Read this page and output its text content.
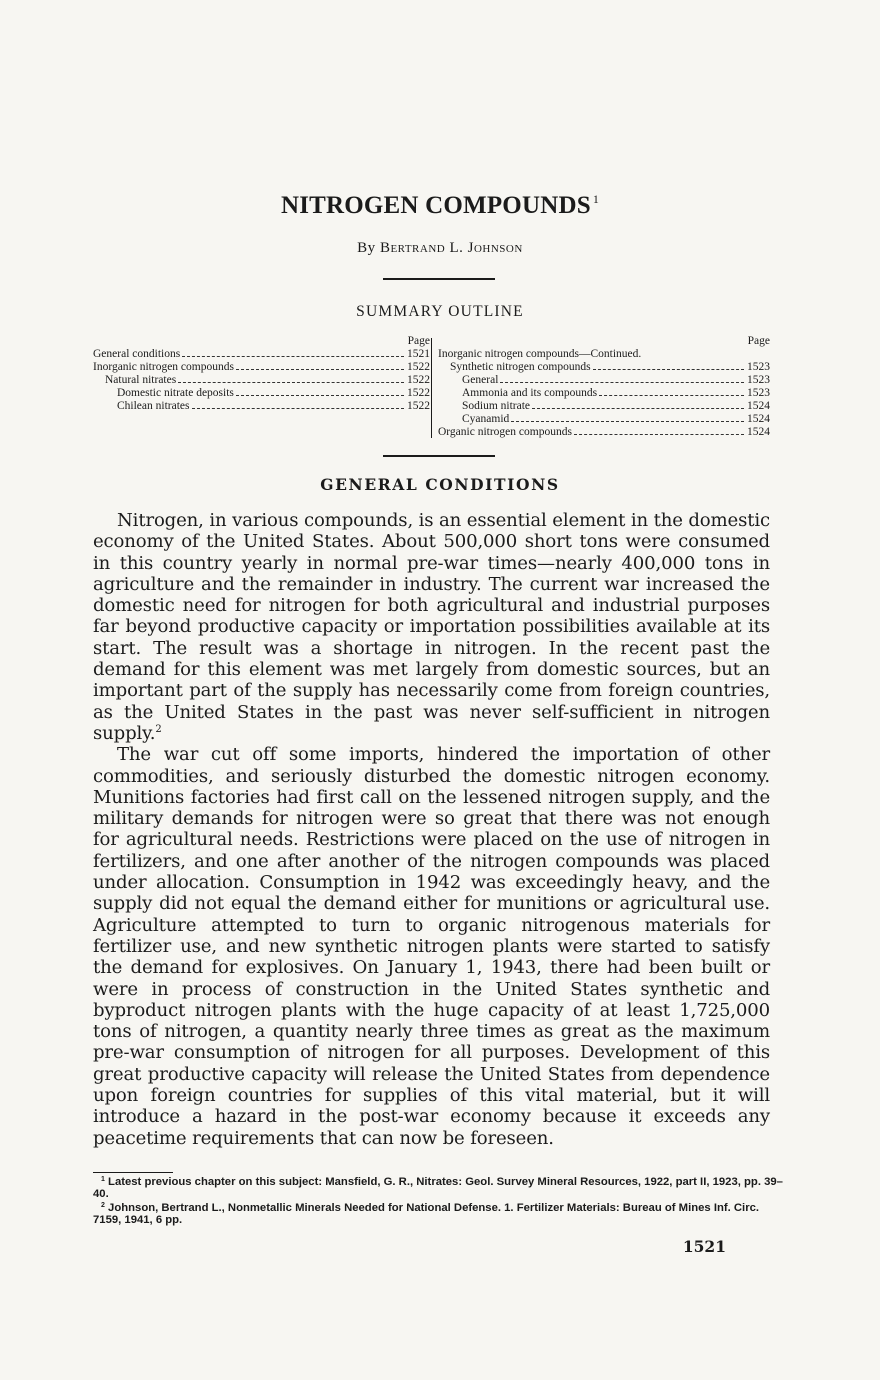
NITROGEN COMPOUNDS $^1$
By Bertrand L. Johnson
SUMMARY OUTLINE
Page
General conditions	1521
Inorganic nitrogen compounds	1522
Natural nitrates	1522
Domestic nitrate deposits	1522
Chilean nitrates	1522
Page
Inorganic nitrogen compounds—Continued.
Synthetic nitrogen compounds	1523
General	1523
Ammonia and its compounds	1523
Sodium nitrate	1524
Cyanamid	1524
Organic nitrogen compounds	1524
GENERAL CONDITIONS

Nitrogen, in various compounds, is an essential element in the domestic economy of the United States. About 500,000 short tons were consumed in this country yearly in normal pre-war times—nearly 400,000 tons in agriculture and the remainder in industry. The current war increased the domestic need for nitrogen for both agricultural and industrial purposes far beyond productive capacity or importation possibilities available at its start. The result was a shortage in nitrogen. In the recent past the demand for this element was met largely from domestic sources, but an important part of the supply has necessarily come from foreign countries, as the United States in the past was never self-sufficient in nitrogen supply.$^2$

The war cut off some imports, hindered the importation of other commodities, and seriously disturbed the domestic nitrogen economy. Munitions factories had first call on the lessened nitrogen supply, and the military demands for nitrogen were so great that there was not enough for agricultural needs. Restrictions were placed on the use of nitrogen in fertilizers, and one after another of the nitrogen compounds was placed under allocation. Consumption in 1942 was exceedingly heavy, and the supply did not equal the demand either for munitions or agricultural use. Agriculture attempted to turn to organic nitrogenous materials for fertilizer use, and new synthetic nitrogen plants were started to satisfy the demand for explosives. On January 1, 1943, there had been built or were in process of construction in the United States synthetic and byproduct nitrogen plants with the huge capacity of at least 1,725,000 tons of nitrogen, a quantity nearly three times as great as the maximum pre-war consumption of nitrogen for all purposes. Development of this great productive capacity will release the United States from dependence upon foreign countries for supplies of this vital material, but it will introduce a hazard in the post-war economy because it exceeds any peacetime requirements that can now be foreseen.

$^1$ Latest previous chapter on this subject: Mansfield, G. R., Nitrates: Geol. Survey Mineral Resources, 1922, part II, 1923, pp. 39–40.

$^2$ Johnson, Bertrand L., Nonmetallic Minerals Needed for National Defense. 1. Fertilizer Materials: Bureau of Mines Inf. Circ. 7159, 1941, 6 pp.

1521
